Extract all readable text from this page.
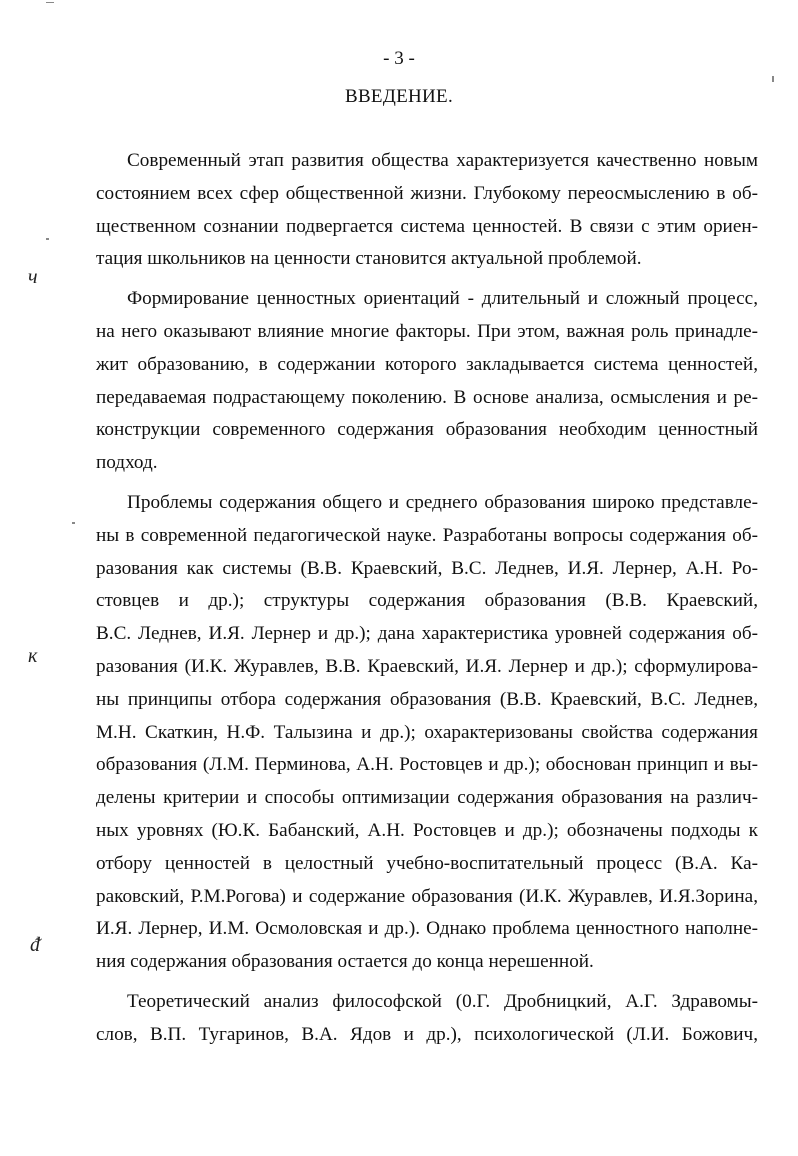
- 3 -
ВВЕДЕНИЕ.
Современный этап развития общества характеризуется качественно новым
состоянием всех сфер общественной жизни. Глубокому переосмыслению в об-
щественном сознании подвергается система ценностей. В связи с этим ориен-
тация школьников на ценности становится актуальной проблемой.
Формирование ценностных ориентаций - длительный и сложный процесс,
на него оказывают влияние многие факторы. При этом, важная роль принадле-
жит образованию, в содержании которого закладывается система ценностей,
передаваемая подрастающему поколению. В основе анализа, осмысления и ре-
конструкции современного содержания образования необходим ценностный
подход.
Проблемы содержания общего и среднего образования широко представле-
ны в современной педагогической науке. Разработаны вопросы содержания об-
разования как системы (В.В. Краевский, В.С. Леднев, И.Я. Лернер, А.Н. Ро-
стовцев и др.); структуры содержания образования (В.В. Краевский,
В.С. Леднев, И.Я. Лернер и др.); дана характеристика уровней содержания об-
разования (И.К. Журавлев, В.В. Краевский, И.Я. Лернер и др.); сформулирова-
ны принципы отбора содержания образования (В.В. Краевский, В.С. Леднев,
М.Н. Скаткин, Н.Ф. Талызина и др.); охарактеризованы свойства содержания
образования (Л.М. Перминова, А.Н. Ростовцев и др.); обоснован принцип и вы-
делены критерии и способы оптимизации содержания образования на различ-
ных уровнях (Ю.К. Бабанский, А.Н. Ростовцев и др.); обозначены подходы к
отбору ценностей в целостный учебно-воспитательный процесс (В.А. Ка-
раковский, Р.М.Рогова) и содержание образования (И.К. Журавлев, И.Я.Зорина,
И.Я. Лернер, И.М. Осмоловская и др.). Однако проблема ценностного наполне-
ния содержания образования остается до конца нерешенной.
Теоретический анализ философской (0.Г. Дробницкий, А.Г. Здравомы-
слов, В.П. Тугаринов, В.А. Ядов и др.), психологической (Л.И. Божович,
ч
к
ᵭ
